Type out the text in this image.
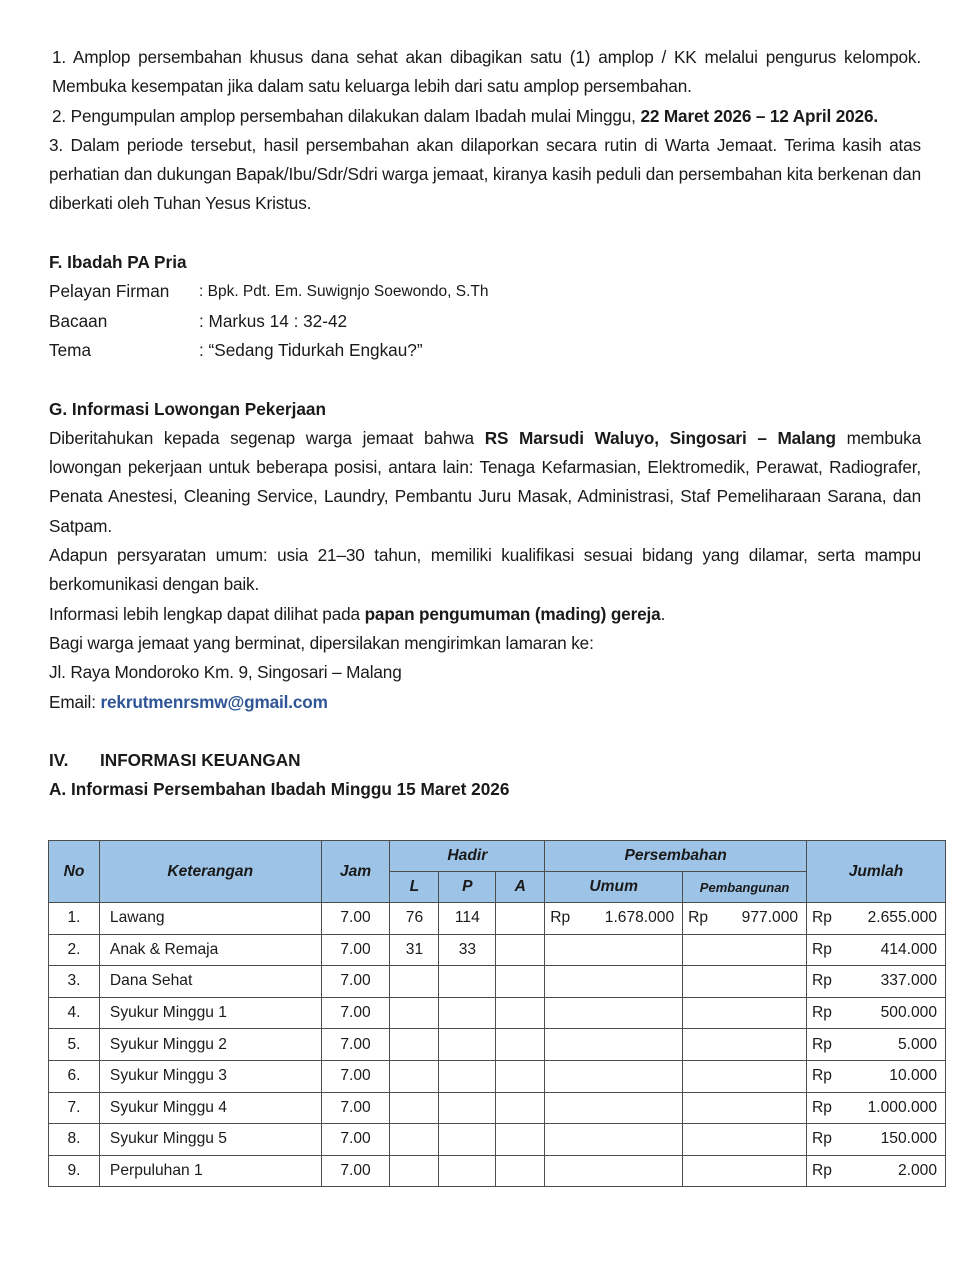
1. Amplop persembahan khusus dana sehat akan dibagikan satu (1) amplop / KK melalui pengurus kelompok. Membuka kesempatan jika dalam satu keluarga lebih dari satu amplop persembahan.

2. Pengumpulan amplop persembahan dilakukan dalam Ibadah mulai Minggu, 22 Maret 2026 – 12 April 2026.

3. Dalam periode tersebut, hasil persembahan akan dilaporkan secara rutin di Warta Jemaat. Terima kasih atas perhatian dan dukungan Bapak/Ibu/Sdr/Sdri warga jemaat, kiranya kasih peduli dan persembahan kita berkenan dan diberkati oleh Tuhan Yesus Kristus.

F. Ibadah PA Pria

Pelayan Firman	: Bpk. Pdt. Em. Suwignjo Soewondo, S.Th
Bacaan	: Markus 14 : 32-42
Tema	: “Sedang Tidurkah Engkau?”

G. Informasi Lowongan Pekerjaan

Diberitahukan kepada segenap warga jemaat bahwa RS Marsudi Waluyo, Singosari – Malang membuka lowongan pekerjaan untuk beberapa posisi, antara lain: Tenaga Kefarmasian, Elektromedik, Perawat, Radiografer, Penata Anestesi, Cleaning Service, Laundry, Pembantu Juru Masak, Administrasi, Staf Pemeliharaan Sarana, dan Satpam.

Adapun persyaratan umum: usia 21–30 tahun, memiliki kualifikasi sesuai bidang yang dilamar, serta mampu berkomunikasi dengan baik.

Informasi lebih lengkap dapat dilihat pada papan pengumuman (mading) gereja.

Bagi warga jemaat yang berminat, dipersilakan mengirimkan lamaran ke:

Jl. Raya Mondoroko Km. 9, Singosari – Malang

Email: rekrutmenrsmw@gmail.com

IV.	INFORMASI KEUANGAN

A. Informasi Persembahan Ibadah Minggu 15 Maret 2026

No	Keterangan	Jam	Hadir			Persembahan		Jumlah
			L	P	A	Umum	Pembangunan	
1.	Lawang	7.00	76	114		Rp 1.678.000	Rp 977.000	Rp 2.655.000

2.	Anak & Remaja	7.00	31	33				Rp 414.000

3.	Dana Sehat	7.00						Rp 337.000

4.	Syukur Minggu 1	7.00						Rp 500.000

5.	Syukur Minggu 2	7.00						Rp 5.000

6.	Syukur Minggu 3	7.00						Rp 10.000

7.	Syukur Minggu 4	7.00						Rp 1.000.000

8.	Syukur Minggu 5	7.00						Rp 150.000

9.	Perpuluhan 1	7.00						Rp 2.000
